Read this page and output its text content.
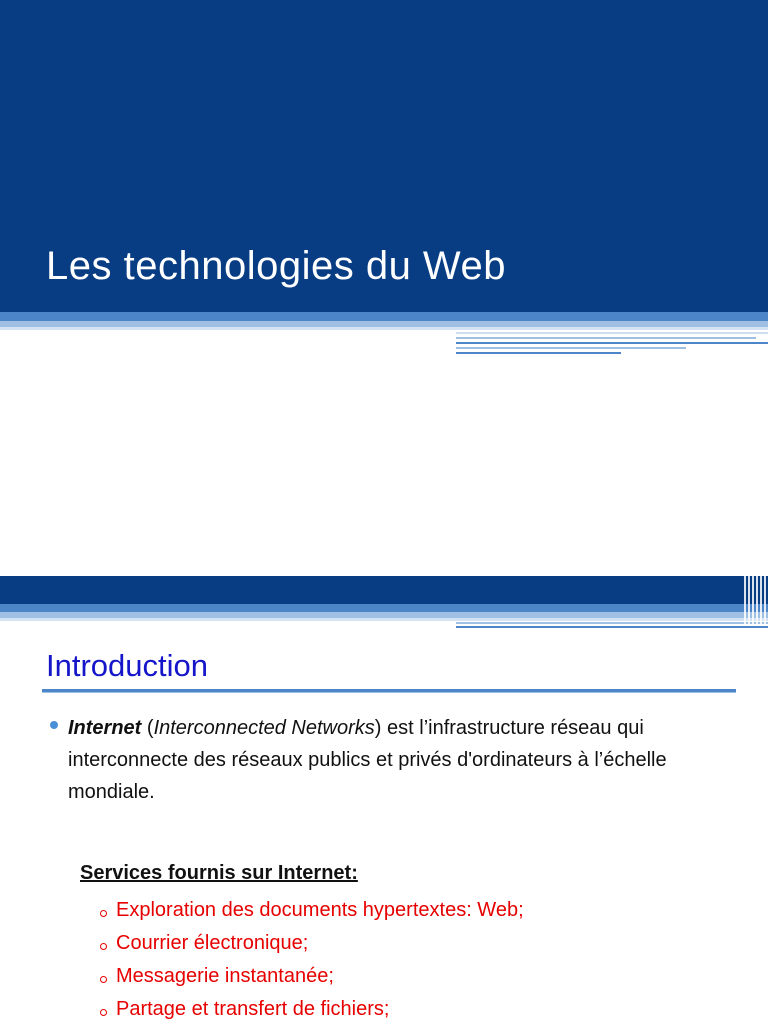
Les technologies du Web
Introduction
Internet (Interconnected Networks) est l’infrastructure réseau qui interconnecte des réseaux publics et privés d'ordinateurs à l’échelle mondiale.
Services fournis sur Internet:
Exploration des documents hypertextes: Web;
Courrier électronique;
Messagerie instantanée;
Partage et transfert de fichiers;
